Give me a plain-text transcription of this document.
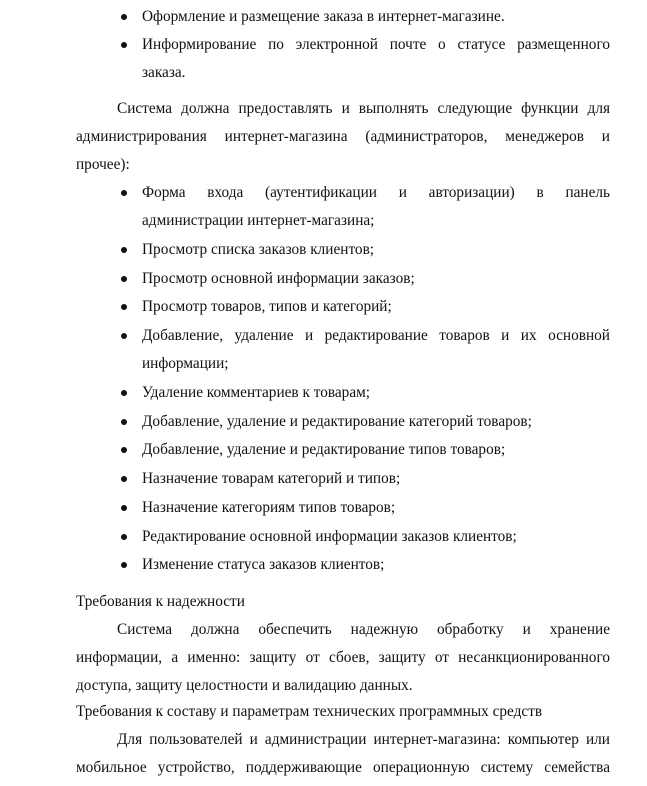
Оформление и размещение заказа в интернет-магазине.
Информирование по электронной почте о статусе размещенного
заказа.
Система должна предоставлять и выполнять следующие функции для
администрирования интернет-магазина (администраторов, менеджеров и
прочее):
Форма входа (аутентификации и авторизации) в панель
администрации интернет-магазина;
Просмотр списка заказов клиентов;
Просмотр основной информации заказов;
Просмотр товаров, типов и категорий;
Добавление, удаление и редактирование товаров и их основной
информации;
Удаление комментариев к товарам;
Добавление, удаление и редактирование категорий товаров;
Добавление, удаление и редактирование типов товаров;
Назначение товарам категорий и типов;
Назначение категориям типов товаров;
Редактирование основной информации заказов клиентов;
Изменение статуса заказов клиентов;
Требования к надежности
Система должна обеспечить надежную обработку и хранение
информации, а именно: защиту от сбоев, защиту от несанкционированного
доступа, защиту целостности и валидацию данных.
Требования к составу и параметрам технических программных средств
Для пользователей и администрации интернет-магазина: компьютер или
мобильное устройство, поддерживающие операционную систему семейства
